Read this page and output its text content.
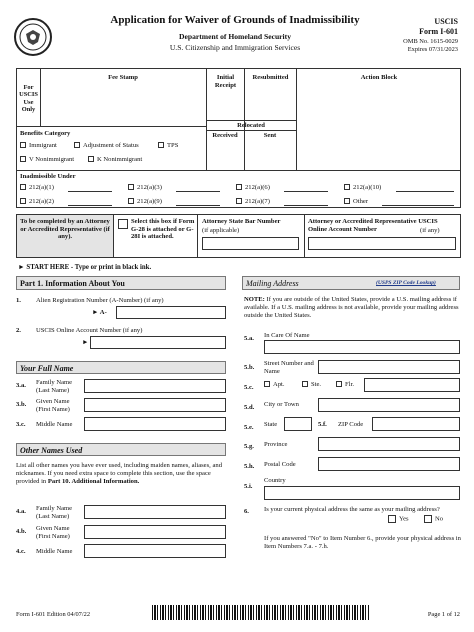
Application for Waiver of Grounds of Inadmissibility
Department of Homeland Security
U.S. Citizenship and Immigration Services
USCIS
Form I-601
OMB No. 1615-0029
Expires 07/31/2023
For USCIS Use Only
Fee Stamp	Initial Receipt
Resubmitted	Action Block
Relocated
Received	Sent
Benefits Category
Immigrant	Adjustment of Status	TPS
V Nonimmigrant	K Nonimmigrant
Inadmissible Under
212(a)(1)	212(a)(3)	212(a)(6)	212(a)(10)
212(a)(2)	212(a)(9)	212(a)(7)	Other
To be completed by an Attorney or Accredited Representative (if any).
Select this box if Form G-28 is attached or G-28I is attached.
Attorney State Bar Number
(if applicable)
Attorney or Accredited Representative USCIS Online Account Number	(if any)
► START HERE - Type or print in black ink.
Part 1. Information About You
1. Alien Registration Number (A-Number) (if any)
► A-
2. USCIS Online Account Number (if any)
►
Your Full Name
3.a. Family Name (Last Name)
3.b. Given Name (First Name)
3.c. Middle Name
Other Names Used
List all other names you have ever used, including maiden names, aliases, and nicknames. If you need extra space to complete this section, use the space provided in Part 10. Additional Information.
4.a. Family Name (Last Name)
4.b. Given Name (First Name)
4.c. Middle Name
Mailing Address	(USPS ZIP Code Lookup)
NOTE: If you are outside of the United States, provide a U.S. mailing address if available. If a U.S. mailing address is not available, provide your mailing address outside the United States.
5.a. In Care Of Name
5.b.
Street Number and Name
5.c.	Apt.	Ste.	Flr.
5.d. City or Town
5.e. State	5.f. ZIP Code
5.g. Province
5.h. Postal Code
5.i.
Country
6. Is your current physical address the same as your mailing address?
Yes	No
If you answered "No" to Item Number 6., provide your physical address in Item Numbers 7.a. - 7.h.
Form I-601 Edition 04/07/22	Page 1 of 12
